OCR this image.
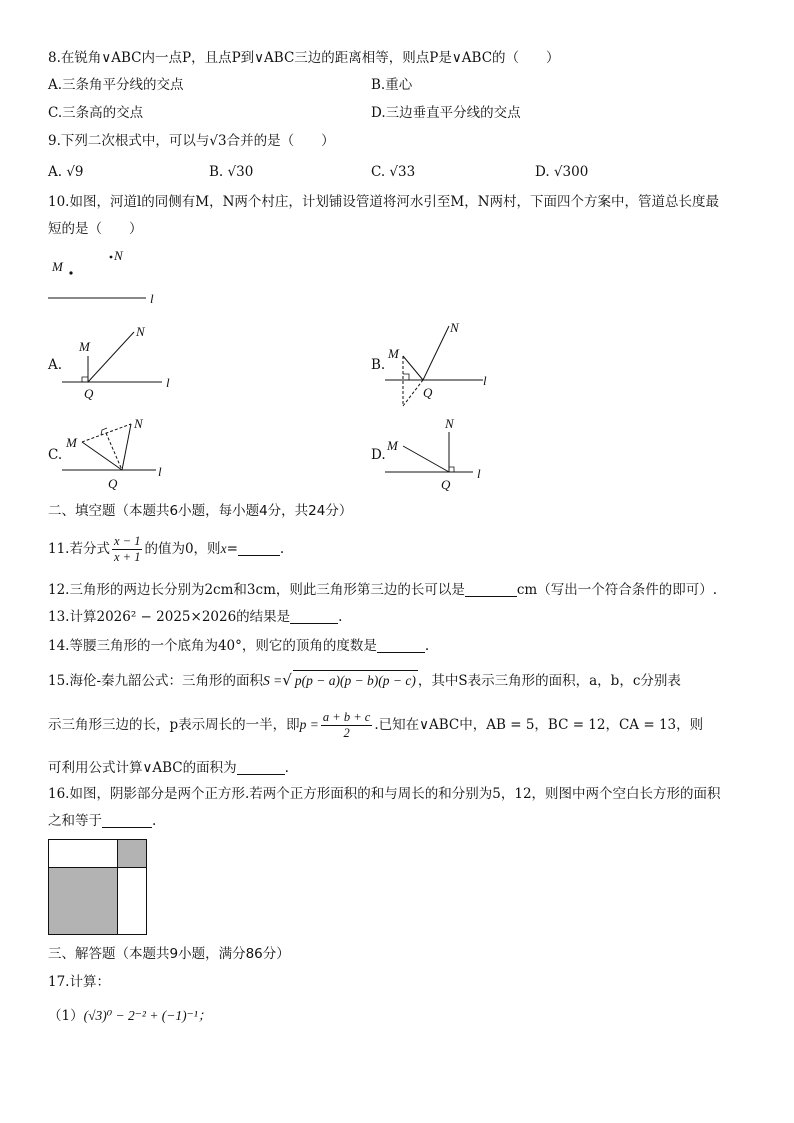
8.在锐角∨ABC内一点P，且点P到∨ABC三边的距离相等，则点P是∨ABC的（　　）
A.三条角平分线的交点	B.重心
C.三条高的交点	D.三边垂直平分线的交点
9.下列二次根式中，可以与√3合并的是（　　）
A. √9	B. √30	C. √33	D. √300
10.如图，河道l的同侧有M，N两个村庄，计划铺设管道将河水引至M，N两村，下面四个方案中，管道总长度最
短的是（　　）
M
N
l
A.
M
N
Q
l
B.
M
N
Q
l
C.
M
N
Q
l
D.
M
N
Q
l
二、填空题（本题共6小题，每小题4分，共24分）
11.若分式 $\frac{x - 1}{x + 1}$ 的值为0，则x=	.
12.三角形的两边长分别为2cm和3cm，则此三角形第三边的长可以是	cm（写出一个符合条件的即可）.
13.计算2026² − 2025×2026的结果是	.
14.等腰三角形的一个底角为40°，则它的顶角的度数是	.
15.海伦-秦九韶公式：三角形的面积S =√ p(p − a)(p − b)(p − c) ，其中S表示三角形的面积，a，b，c分别表
示三角形三边的长，p表示周长的一半，即$p = \frac{a + b + c}{2}$ .已知在∨ABC中，AB = 5，BC = 12，CA = 13，则
可利用公式计算∨ABC的面积为	.
16.如图，阴影部分是两个正方形.若两个正方形面积的和与周长的和分别为5，12，则图中两个空白长方形的面积
之和等于	.
三、解答题（本题共9小题，满分86分）
17.计算：
（1）(√3)⁰ − 2⁻² + (−1)⁻¹；
